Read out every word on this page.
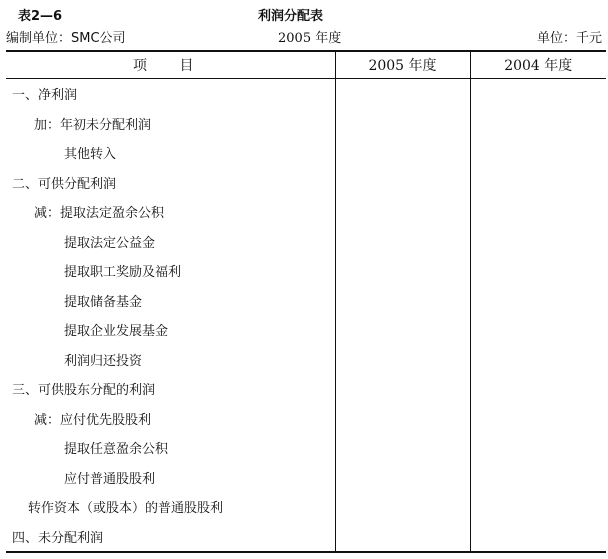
表2—6	利润分配表
编制单位：SMC公司	2005 年度	单位：千元
项 目	2005 年度	2004 年度
一、净利润		
加：年初未分配利润		
其他转入		
二、可供分配利润		
减：提取法定盈余公积		
提取法定公益金		
提取职工奖励及福利		
提取储备基金		
提取企业发展基金		
利润归还投资		
三、可供股东分配的利润		
减：应付优先股股利		
提取任意盈余公积		
应付普通股股利		
转作资本（或股本）的普通股股利		
四、未分配利润		
